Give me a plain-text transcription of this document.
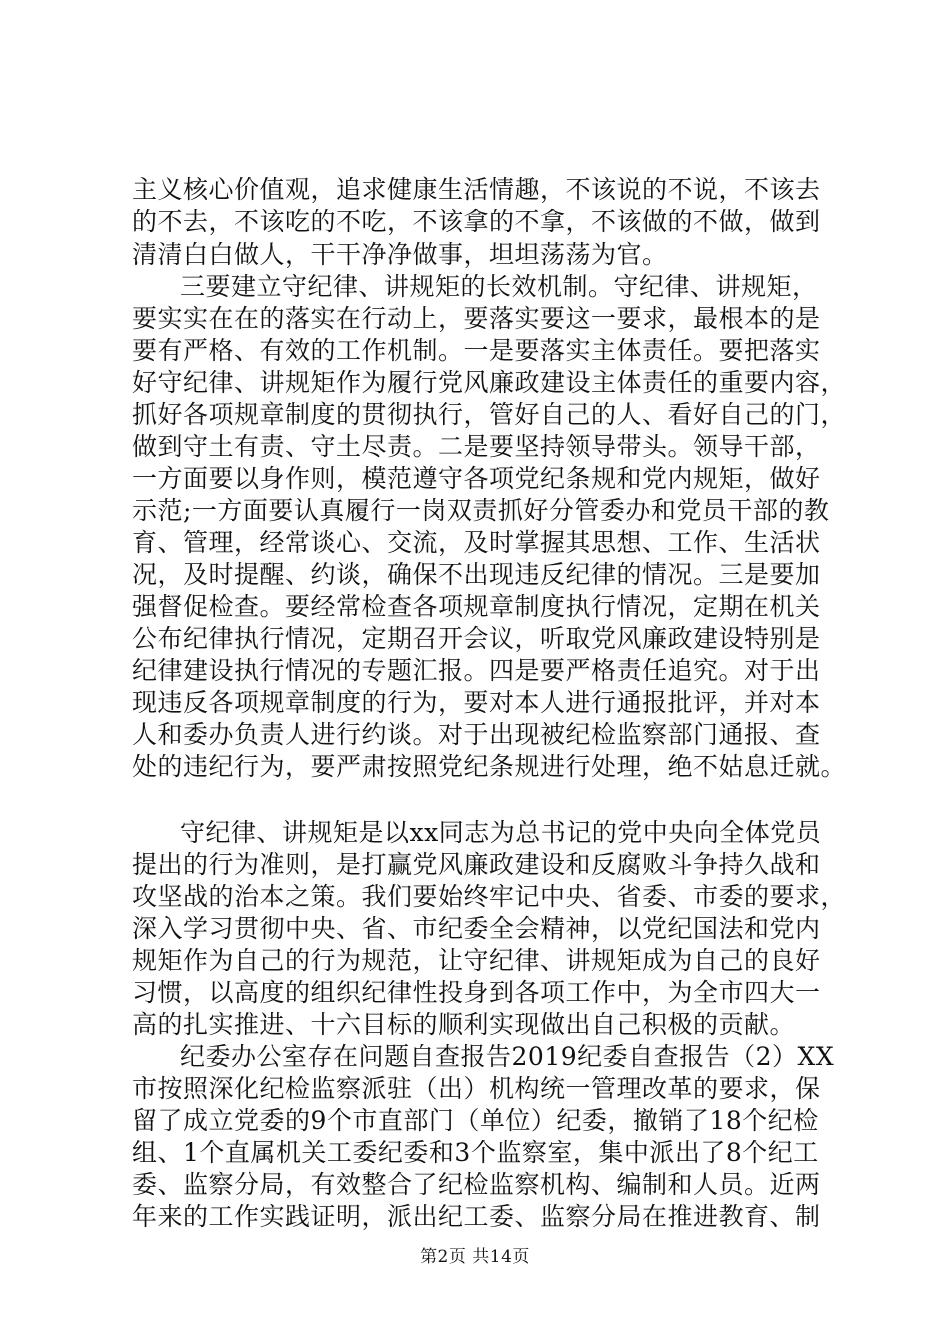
主义核心价值观，追求健康生活情趣，不该说的不说，不该去
的不去，不该吃的不吃，不该拿的不拿，不该做的不做，做到
清清白白做人，干干净净做事，坦坦荡荡为官。
三要建立守纪律、讲规矩的长效机制。守纪律、讲规矩，
要实实在在的落实在行动上，要落实要这一要求，最根本的是
要有严格、有效的工作机制。一是要落实主体责任。要把落实
好守纪律、讲规矩作为履行党风廉政建设主体责任的重要内容，
抓好各项规章制度的贯彻执行，管好自己的人、看好自己的门，
做到守土有责、守土尽责。二是要坚持领导带头。领导干部，
一方面要以身作则，模范遵守各项党纪条规和党内规矩，做好
示范;一方面要认真履行一岗双责抓好分管委办和党员干部的教
育、管理，经常谈心、交流，及时掌握其思想、工作、生活状
况，及时提醒、约谈，确保不出现违反纪律的情况。三是要加
强督促检查。要经常检查各项规章制度执行情况，定期在机关
公布纪律执行情况，定期召开会议，听取党风廉政建设特别是
纪律建设执行情况的专题汇报。四是要严格责任追究。对于出
现违反各项规章制度的行为，要对本人进行通报批评，并对本
人和委办负责人进行约谈。对于出现被纪检监察部门通报、查
处的违纪行为，要严肃按照党纪条规进行处理，绝不姑息迁就。
守纪律、讲规矩是以xx同志为总书记的党中央向全体党员
提出的行为准则，是打赢党风廉政建设和反腐败斗争持久战和
攻坚战的治本之策。我们要始终牢记中央、省委、市委的要求，
深入学习贯彻中央、省、市纪委全会精神，以党纪国法和党内
规矩作为自己的行为规范，让守纪律、讲规矩成为自己的良好
习惯，以高度的组织纪律性投身到各项工作中，为全市四大一
高的扎实推进、十六目标的顺利实现做出自己积极的贡献。
纪委办公室存在问题自查报告2019纪委自查报告（2）XX
市按照深化纪检监察派驻（出）机构统一管理改革的要求，保
留了成立党委的9个市直部门（单位）纪委，撤销了18个纪检
组、1个直属机关工委纪委和3个监察室，集中派出了8个纪工
委、监察分局，有效整合了纪检监察机构、编制和人员。近两
年来的工作实践证明，派出纪工委、监察分局在推进教育、制
第2页 共14页
